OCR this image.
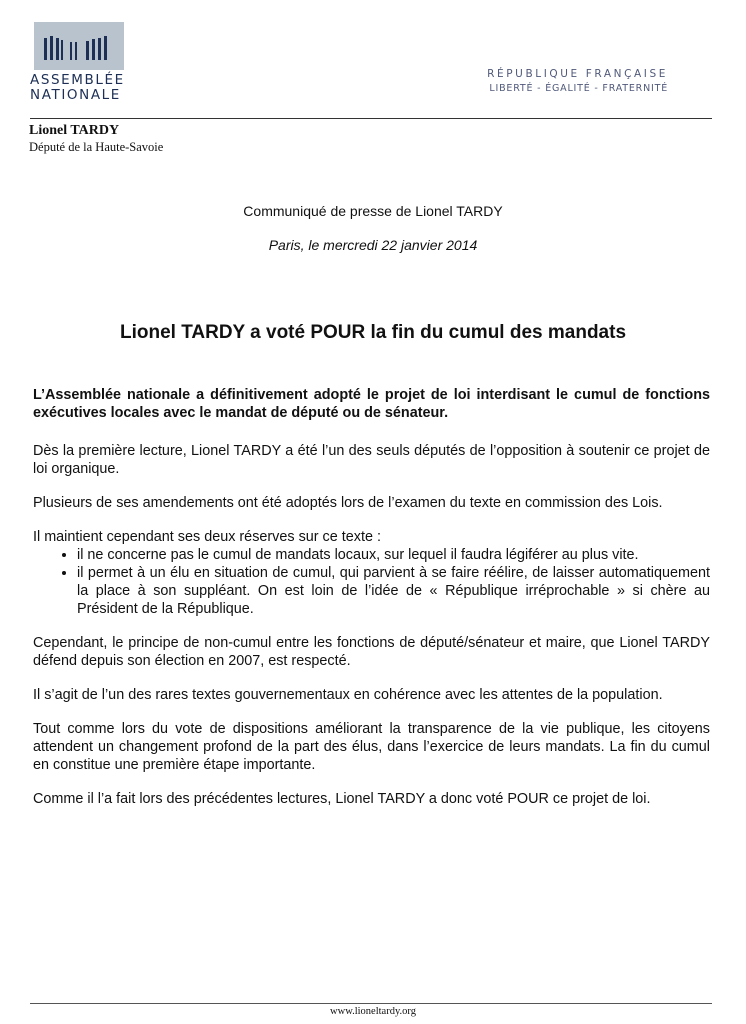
ASSEMBLÉE
NATIONALE
RÉPUBLIQUE FRANÇAISE
LIBERTÉ - ÉGALITÉ - FRATERNITÉ
Lionel TARDY
Député de la Haute-Savoie
Communiqué de presse de Lionel TARDY
Paris, le mercredi 22 janvier 2014
Lionel TARDY a voté POUR la fin du cumul des mandats

L’Assemblée nationale a définitivement adopté le projet de loi interdisant le cumul de fonctions exécutives locales avec le mandat de député ou de sénateur.

Dès la première lecture, Lionel TARDY a été l’un des seuls députés de l’opposition à soutenir ce projet de loi organique.

Plusieurs de ses amendements ont été adoptés lors de l’examen du texte en commission des Lois.

Il maintient cependant ses deux réserves sur ce texte :

• il ne concerne pas le cumul de mandats locaux, sur lequel il faudra légiférer au plus vite.
• il permet à un élu en situation de cumul, qui parvient à se faire réélire, de laisser automatiquement la place à son suppléant. On est loin de l’idée de « République irréprochable » si chère au Président de la République.

Cependant, le principe de non-cumul entre les fonctions de député/sénateur et maire, que Lionel TARDY défend depuis son élection en 2007, est respecté.

Il s’agit de l’un des rares textes gouvernementaux en cohérence avec les attentes de la population.

Tout comme lors du vote de dispositions améliorant la transparence de la vie publique, les citoyens attendent un changement profond de la part des élus, dans l’exercice de leurs mandats. La fin du cumul en constitue une première étape importante.

Comme il l’a fait lors des précédentes lectures, Lionel TARDY a donc voté POUR ce projet de loi.

www.lioneltardy.org
